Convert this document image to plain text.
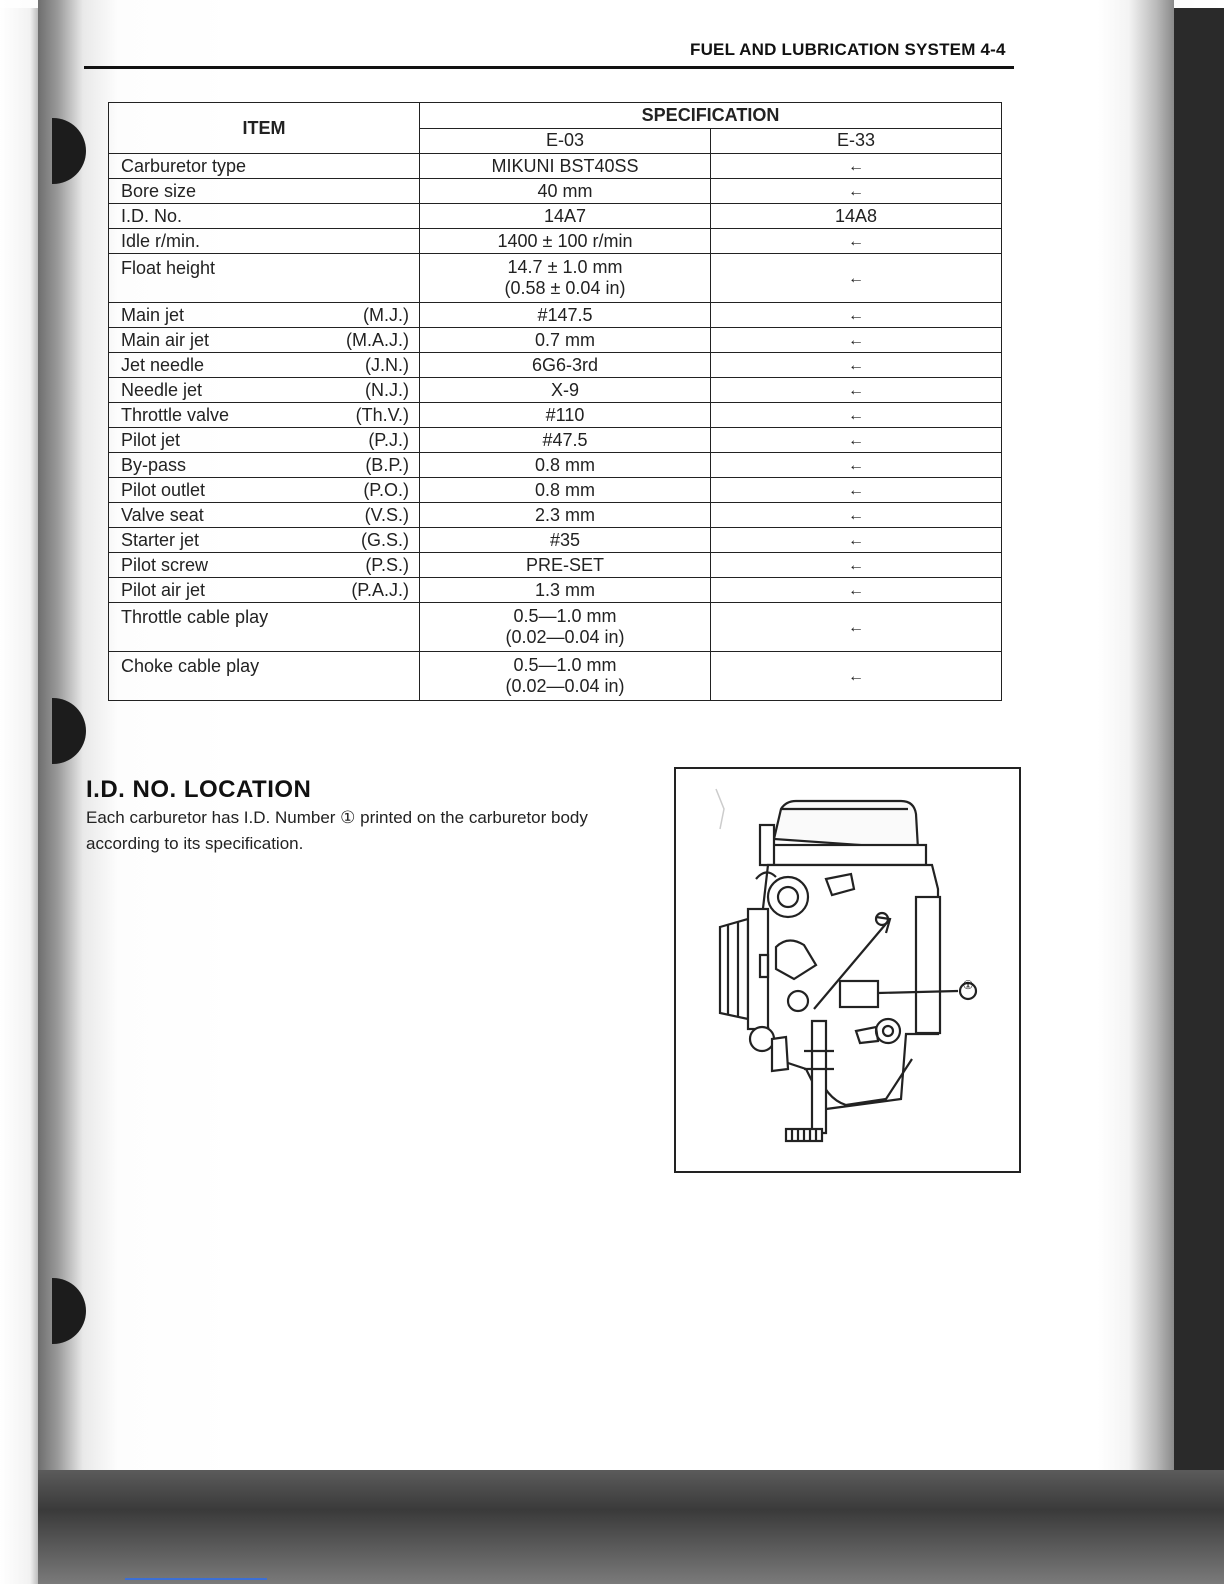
FUEL AND LUBRICATION SYSTEM 4-4
ITEM	SPECIFICATION	
	E-03	E-33

Carburetor type	MIKUNI BST40SS	←

Bore size	40 mm	←

I.D. No.	14A7	14A8

Idle r/min.	1400 ± 100 r/min	←

Float height	14.7 ± 1.0 mm
(0.58 ± 0.04 in)	←

Main jet (M.J.)	#147.5	←

Main air jet (M.A.J.)	0.7 mm	←

Jet needle (J.N.)	6G6-3rd	←

Needle jet (N.J.)	X-9	←

Throttle valve (Th.V.)	#110	←

Pilot jet (P.J.)	#47.5	←

By-pass (B.P.)	0.8 mm	←

Pilot outlet (P.O.)	0.8 mm	←

Valve seat (V.S.)	2.3 mm	←

Starter jet (G.S.)	#35	←

Pilot screw (P.S.)	PRE-SET	←

Pilot air jet (P.A.J.)	1.3 mm	←

Throttle cable play	0.5—1.0 mm
(0.02—0.04 in)	←

Choke cable play	0.5—1.0 mm
(0.02—0.04 in)	←
I.D. NO. LOCATION
Each carburetor has I.D. Number ① printed on the carburetor body according to its specification.
①
